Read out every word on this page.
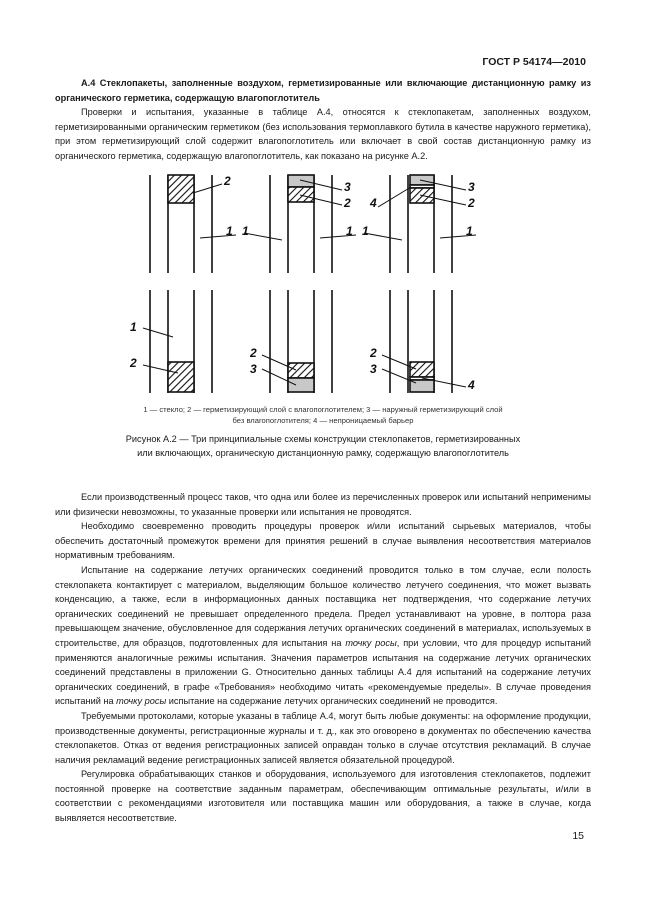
ГОСТ Р 54174—2010

А.4 Стеклопакеты, заполненные воздухом, герметизированные или включающие дистанционную рамку из органического герметика, содержащую влагопоглотитель

Проверки и испытания, указанные в таблице А.4, относятся к стеклопакетам, заполненных воздухом, герметизированными органическим герметиком (без использования термоплавкого бутила в качестве наружного герметика), при этом герметизирующий слой содержит влагопоглотитель или включает в свой состав дистанционную рамку из органического герметика, содержащую влагопоглотитель, как показано на рисунке А.2.

2
1 1	1
3
2
1	1
3
2
4
1
2
2
3
2
3
4
1 — стекло; 2 — герметизирующий слой с влагопоглотителем; 3 — наружный герметизирующий слой
без влагопоглотителя; 4 — непроницаемый барьер
Рисунок А.2 — Три принципиальные схемы конструкции стеклопакетов, герметизированных
или включающих, органическую дистанционную рамку, содержащую влагопоглотитель

Если производственный процесс таков, что одна или более из перечисленных проверок или испытаний неприменимы или физически невозможны, то указанные проверки или испытания не проводятся.

Необходимо своевременно проводить процедуры проверок и/или испытаний сырьевых материалов, чтобы обеспечить достаточный промежуток времени для принятия решений в случае выявления несоответствия материалов нормативным требованиям.

Испытание на содержание летучих органических соединений проводится только в том случае, если полость стеклопакета контактирует с материалом, выделяющим большое количество летучего соединения, что может вызвать конденсацию, а также, если в информационных данных поставщика нет подтверждения, что содержание летучих органических соединений не превышает определенного предела. Предел устанавливают на уровне, в полтора раза превышающем значение, обусловленное для содержания летучих органических соединений в материалах, используемых в строительстве, для образцов, подготовленных для испытания на точку росы, при условии, что для процедур испытаний применяются аналогичные режимы испытания. Значения параметров испытания на содержание летучих органических соединений представлены в приложении G. Относительно данных таблицы А.4 для испытаний на содержание летучих органических соединений, в графе «Требования» необходимо читать «рекомендуемые пределы». В случае проведения испытаний на точку росы испытание на содержание летучих органических соединений не проводится.

Требуемыми протоколами, которые указаны в таблице А.4, могут быть любые документы: на оформление продукции, производственные документы, регистрационные журналы и т. д., как это оговорено в документах по обеспечению качества стеклопакетов. Отказ от ведения регистрационных записей оправдан только в случае отсутствия рекламаций. В случае наличия рекламаций ведение регистрационных записей является обязательной процедурой.

Регулировка обрабатывающих станков и оборудования, используемого для изготовления стеклопакетов, подлежит постоянной проверке на соответствие заданным параметрам, обеспечивающим оптимальные результаты, и/или в соответствии с рекомендациями изготовителя или поставщика машин или оборудования, а также в случае, когда выявляется несоответствие.

15
